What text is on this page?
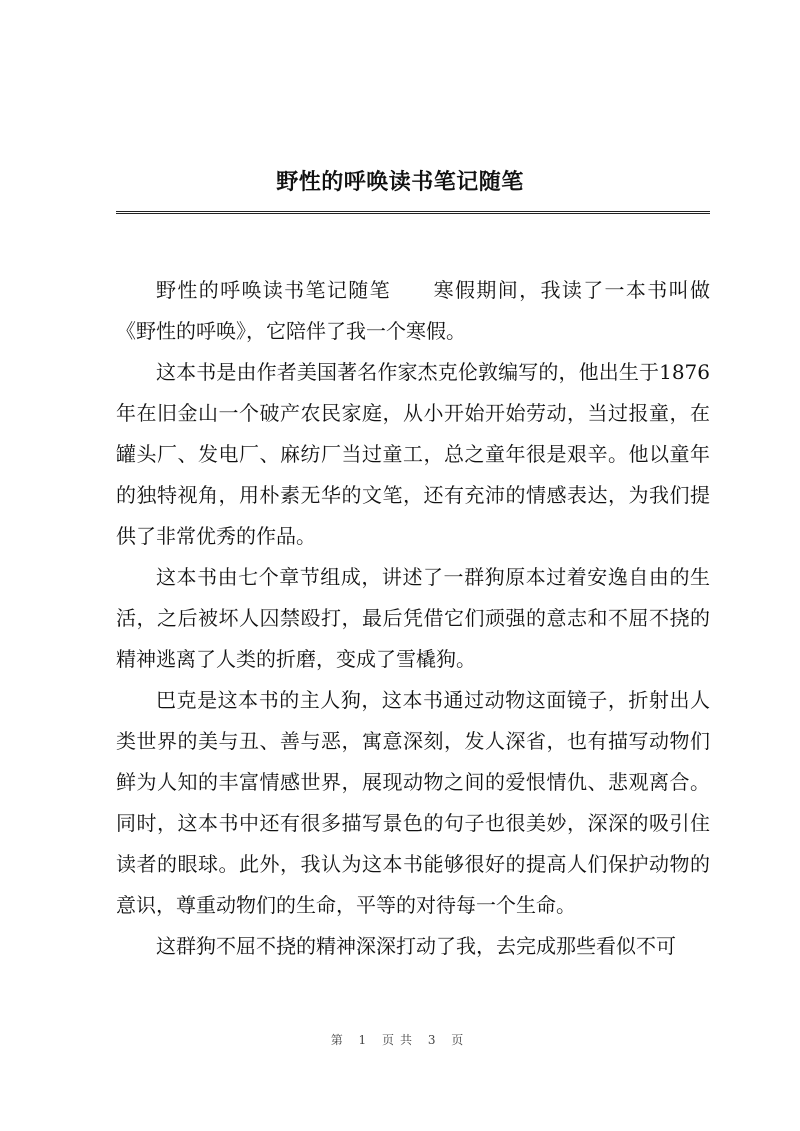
野性的呼唤读书笔记随笔

野性的呼唤读书笔记随笔　　寒假期间，我读了一本书叫做《野性的呼唤》，它陪伴了我一个寒假。

这本书是由作者美国著名作家杰克伦敦编写的，他出生于1876年在旧金山一个破产农民家庭，从小开始开始劳动，当过报童，在罐头厂、发电厂、麻纺厂当过童工，总之童年很是艰辛。他以童年的独特视角，用朴素无华的文笔，还有充沛的情感表达，为我们提供了非常优秀的作品。

这本书由七个章节组成，讲述了一群狗原本过着安逸自由的生活，之后被坏人囚禁殴打，最后凭借它们顽强的意志和不屈不挠的精神逃离了人类的折磨，变成了雪橇狗。

巴克是这本书的主人狗，这本书通过动物这面镜子，折射出人类世界的美与丑、善与恶，寓意深刻，发人深省，也有描写动物们鲜为人知的丰富情感世界，展现动物之间的爱恨情仇、悲观离合。同时，这本书中还有很多描写景色的句子也很美妙，深深的吸引住读者的眼球。此外，我认为这本书能够很好的提高人们保护动物的意识，尊重动物们的生命，平等的对待每一个生命。

这群狗不屈不挠的精神深深打动了我，去完成那些看似不可

第 1 页共 3 页
